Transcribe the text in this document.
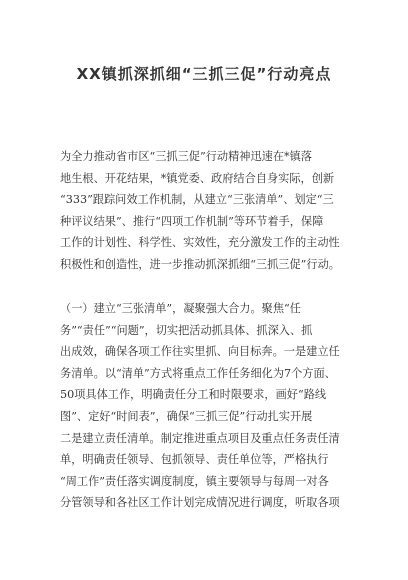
XX镇抓深抓细“三抓三促”行动亮点

为全力推动省市区“三抓三促”行动精神迅速在*镇落

地生根、开花结果，*镇党委、政府结合自身实际，创新

“333”跟踪问效工作机制，从建立“三张清单”、划定“三

种评议结果”、推行“四项工作机制”等环节着手，保障

工作的计划性、科学性、实效性，充分激发工作的主动性

积极性和创造性，进一步推动抓深抓细“三抓三促”行动。

（一）建立“三张清单”，凝聚强大合力。聚焦“任

务”“责任”“问题”，切实把活动抓具体、抓深入、抓

出成效，确保各项工作往实里抓、向目标奔。一是建立任

务清单。以“清单”方式将重点工作任务细化为7个方面、

50项具体工作，明确责任分工和时限要求，画好“路线

图”、定好“时间表”，确保“三抓三促”行动扎实开展

二是建立责任清单。制定推进重点项目及重点任务责任清

单，明确责任领导、包抓领导、责任单位等，严格执行

“周工作”责任落实调度制度，镇主要领导与每周一对各

分管领导和各社区工作计划完成情况进行调度，听取各项
